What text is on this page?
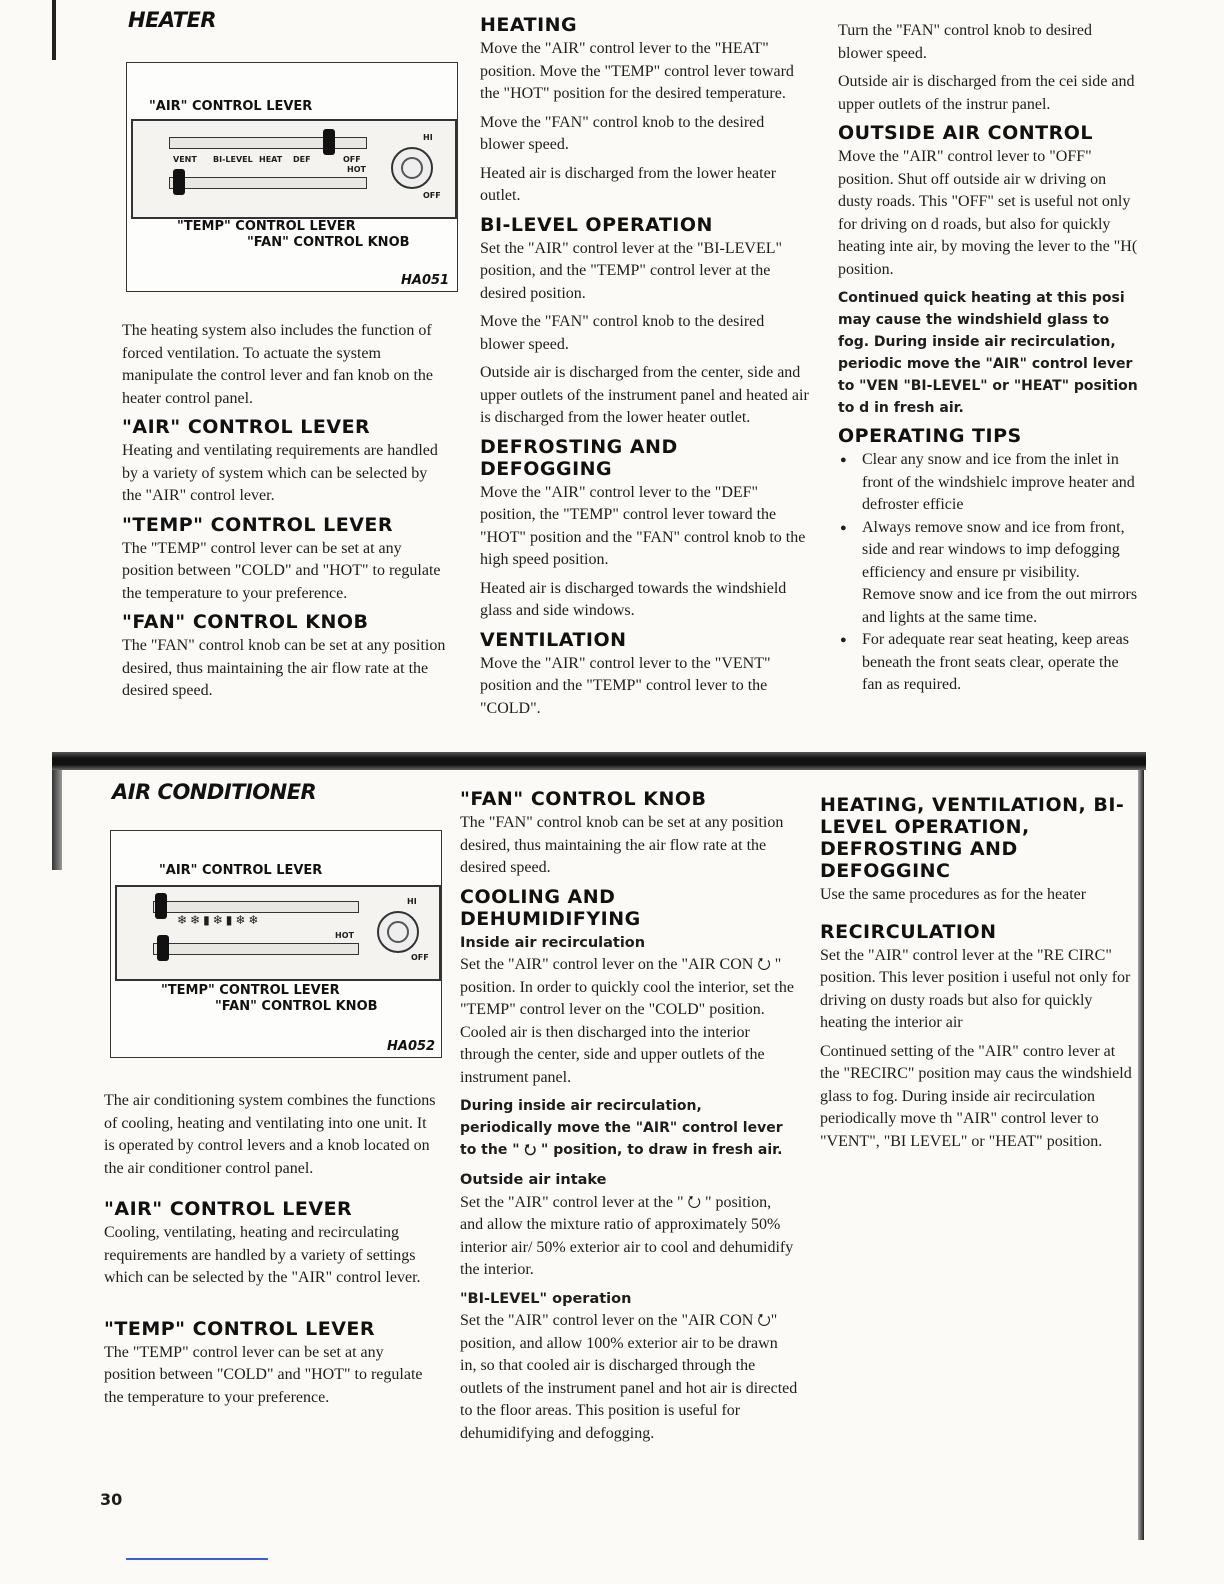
HEATER
"AIR" CONTROL LEVER
VENT BI-LEVEL HEAT DEF	OFF
HOT
HI
OFF
"TEMP" CONTROL LEVER
"FAN" CONTROL KNOB
HA051

The heating system also includes the function of forced ventilation. To actuate the system manipulate the control lever and fan knob on the heater control panel.

"AIR" CONTROL LEVER

Heating and ventilating requirements are handled by a variety of system which can be selected by the "AIR" control lever.

"TEMP" CONTROL LEVER

The "TEMP" control lever can be set at any position between "COLD" and "HOT" to regulate the temperature to your preference.

"FAN" CONTROL KNOB

The "FAN" control knob can be set at any position desired, thus maintaining the air flow rate at the desired speed.

HEATING

Move the "AIR" control lever to the "HEAT" position. Move the "TEMP" control lever toward the "HOT" position for the desired temperature.

Move the "FAN" control knob to the desired blower speed.

Heated air is discharged from the lower heater outlet.

BI-LEVEL OPERATION

Set the "AIR" control lever at the "BI-LEVEL" position, and the "TEMP" control lever at the desired position.

Move the "FAN" control knob to the desired blower speed.

Outside air is discharged from the center, side and upper outlets of the instrument panel and heated air is discharged from the lower heater outlet.

DEFROSTING AND DEFOGGING

Move the "AIR" control lever to the "DEF" position, the "TEMP" control lever toward the "HOT" position and the "FAN" control knob to the high speed position.

Heated air is discharged towards the windshield glass and side windows.

VENTILATION

Move the "AIR" control lever to the "VENT" position and the "TEMP" control lever to the "COLD".

Turn the "FAN" control knob to desired blower speed.

Outside air is discharged from the cei side and upper outlets of the instrur panel.

OUTSIDE AIR CONTROL

Move the "AIR" control lever to "OFF" position. Shut off outside air w driving on dusty roads. This "OFF" set is useful not only for driving on d roads, but also for quickly heating inte air, by moving the lever to the "H( position.

Continued quick heating at this posi may cause the windshield glass to fog. During inside air recirculation, periodic move the "AIR" control lever to "VEN "BI-LEVEL" or "HEAT" position to d in fresh air.

OPERATING TIPS
● Clear any snow and ice from the inlet in front of the windshielc improve heater and defroster efficie
● Always remove snow and ice from front, side and rear windows to imp defogging efficiency and ensure pr visibility.
Remove snow and ice from the out mirrors and lights at the same time.
● For adequate rear seat heating, keep areas beneath the front seats clear, operate the fan as required.
AIR CONDITIONER
"AIR" CONTROL LEVER
❄ ❄ ▮ ❄ ▮ ❄ ❄
HOT
HI
OFF
"TEMP" CONTROL LEVER
"FAN" CONTROL KNOB
HA052

The air conditioning system combines the functions of cooling, heating and ventilating into one unit. It is operated by control levers and a knob located on the air conditioner control panel.

"AIR" CONTROL LEVER

Cooling, ventilating, heating and recirculating requirements are handled by a variety of settings which can be selected by the "AIR" control lever.

"TEMP" CONTROL LEVER

The "TEMP" control lever can be set at any position between "COLD" and "HOT" to regulate the temperature to your preference.

30
"FAN" CONTROL KNOB

The "FAN" control knob can be set at any position desired, thus maintaining the air flow rate at the desired speed.

COOLING AND DEHUMIDIFYING
Inside air recirculation

Set the "AIR" control lever on the "AIR CON ⭮ " position. In order to quickly cool the interior, set the "TEMP" control lever on the "COLD" position. Cooled air is then discharged into the interior through the center, side and upper outlets of the instrument panel.

During inside air recirculation, periodically move the "AIR" control lever to the " ⭮ " position, to draw in fresh air.

Outside air intake

Set the "AIR" control lever at the " ⭮ " position, and allow the mixture ratio of approximately 50% interior air/ 50% exterior air to cool and dehumidify the interior.

"BI-LEVEL" operation

Set the "AIR" control lever on the "AIR CON ⭮" position, and allow 100% exterior air to be drawn in, so that cooled air is discharged through the outlets of the instrument panel and hot air is directed to the floor areas. This position is useful for dehumidifying and defogging.

HEATING, VENTILATION, BI-LEVEL OPERATION, DEFROSTING AND DEFOGGINC

Use the same procedures as for the heater

RECIRCULATION

Set the "AIR" control lever at the "RE CIRC" position. This lever position i useful not only for driving on dusty roads but also for quickly heating the interior air

Continued setting of the "AIR" contro lever at the "RECIRC" position may caus the windshield glass to fog. During inside air recirculation periodically move th "AIR" control lever to "VENT", "BI LEVEL" or "HEAT" position.
